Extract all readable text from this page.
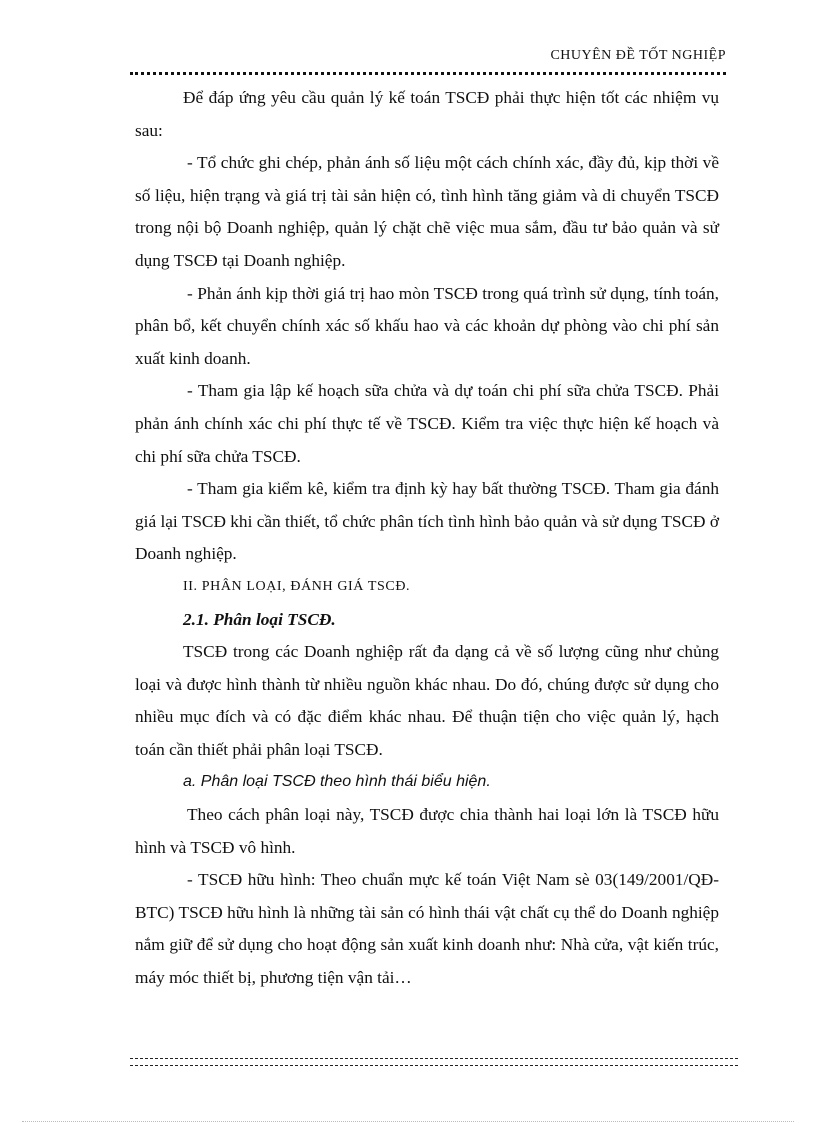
CHUYÊN ĐỀ TỐT NGHIỆP

Để đáp ứng yêu cầu quản lý kế toán TSCĐ phải thực hiện tốt các nhiệm vụ sau:

- Tổ chức ghi chép, phản ánh số liệu một cách chính xác, đầy đủ, kịp thời về số liệu, hiện trạng và giá trị tài sản hiện có, tình hình tăng giảm và di chuyển TSCĐ trong nội bộ Doanh nghiệp, quản lý chặt chẽ việc mua sắm, đầu tư bảo quản và sử dụng TSCĐ tại Doanh nghiệp.

- Phản ánh kịp thời giá trị hao mòn TSCĐ trong quá trình sử dụng, tính toán, phân bổ, kết chuyển chính xác số khấu hao và các khoản dự phòng vào chi phí sản xuất kinh doanh.

- Tham gia lập kế hoạch sữa chửa và dự toán chi phí sữa chửa TSCĐ. Phải phản ánh chính xác chi phí thực tế về TSCĐ. Kiểm tra việc thực hiện kế hoạch và chi phí sữa chửa TSCĐ.

- Tham gia kiểm kê, kiểm tra định kỳ hay bất thường TSCĐ. Tham gia đánh giá lại TSCĐ khi cần thiết, tổ chức phân tích tình hình bảo quản và sử dụng TSCĐ ở Doanh nghiệp.

II. PHÂN LOẠI, ĐÁNH GIÁ TSCĐ.

2.1. Phân loại TSCĐ.

TSCĐ trong các Doanh nghiệp rất đa dạng cả về số lượng cũng như chủng loại và được hình thành từ nhiều nguồn khác nhau. Do đó, chúng được sử dụng cho nhiều mục đích và có đặc điểm khác nhau. Để thuận tiện cho việc quản lý, hạch toán cần thiết phải phân loại TSCĐ.

a. Phân loại TSCĐ theo hình thái biểu hiện.

Theo cách phân loại này, TSCĐ được chia thành hai loại lớn là TSCĐ hữu hình và TSCĐ vô hình.

- TSCĐ hữu hình: Theo chuẩn mực kế toán Việt Nam sè 03(149/2001/QĐ-BTC) TSCĐ hữu hình là những tài sản có hình thái vật chất cụ thể do Doanh nghiệp nắm giữ để sử dụng cho hoạt động sản xuất kinh doanh như: Nhà cửa, vật kiến trúc, máy móc thiết bị, phương tiện vận tải…
